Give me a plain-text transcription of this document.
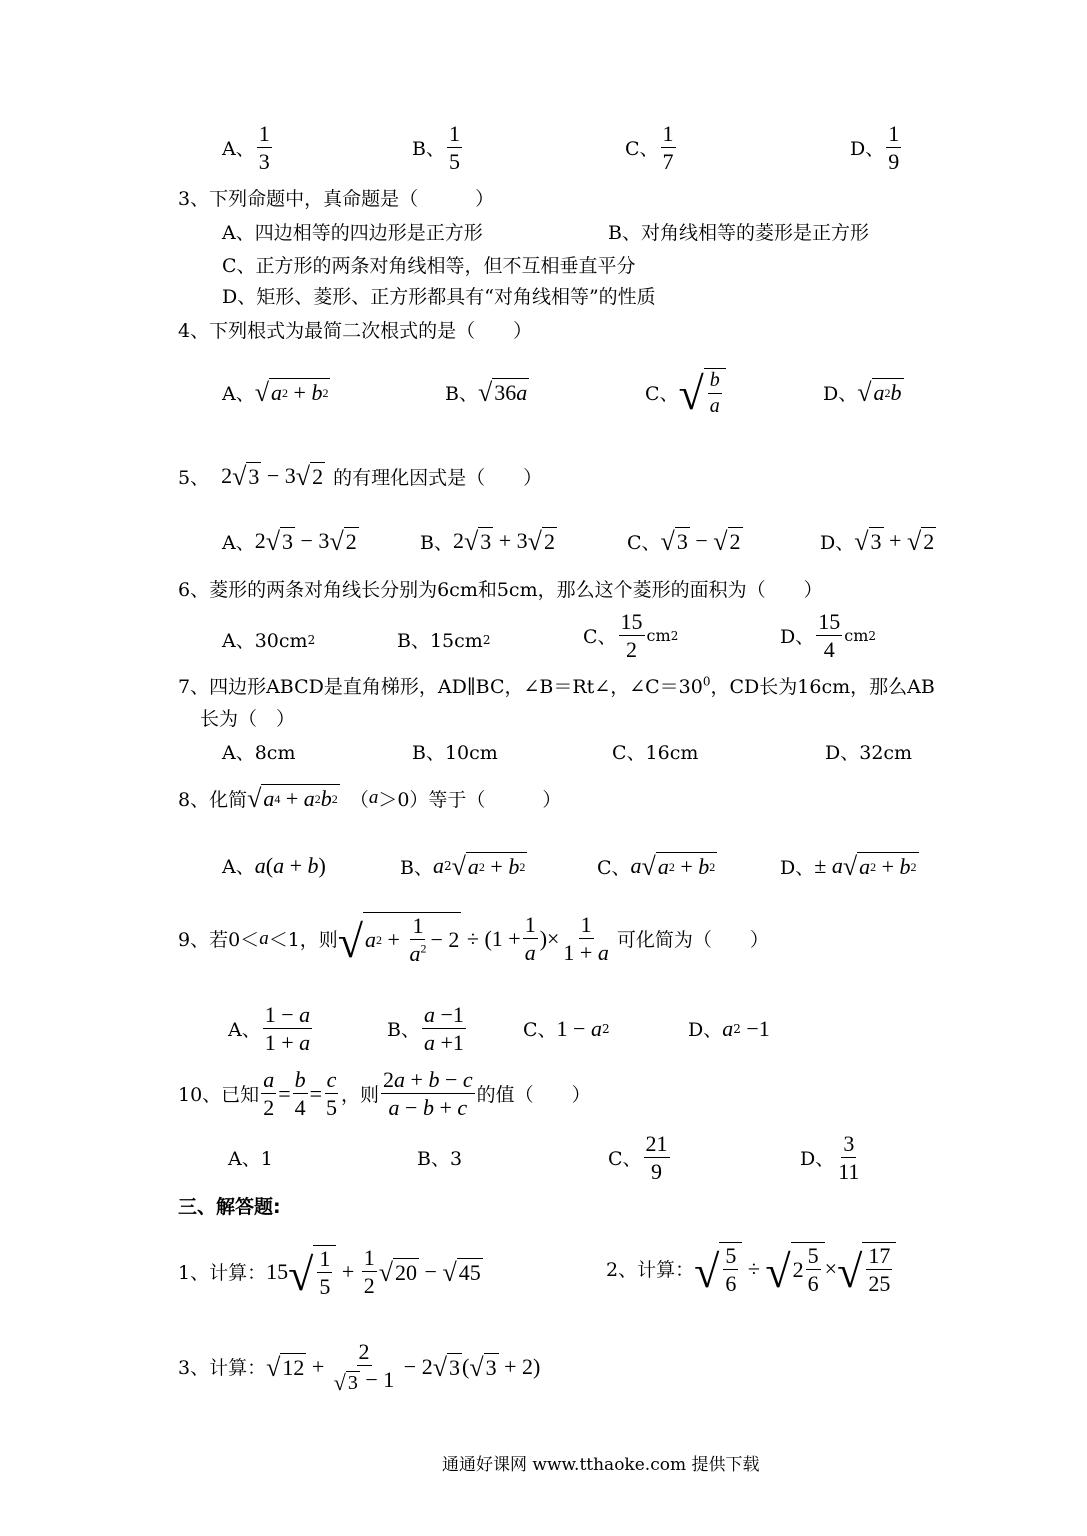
A、 $\frac{1}{3}$	B、 $\frac{1}{5}$	C、 $\frac{1}{7}$	D、 $\frac{1}{9}$
3、下列命题中，真命题是（　　　）
A、四边相等的四边形是正方形	B、对角线相等的菱形是正方形
C、正方形的两条对角线相等，但不互相垂直平分
D、矩形、菱形、正方形都具有“对角线相等”的性质
4、下列根式为最简二次根式的是（　　）
A、 √ a 2 + b 2	B、 √ 36 a	C、 √ $\frac{b}{a}$	D、 √ a 2 b
5、 2 √ 3 − 3 √ 2 的有理化因式是（　　）
A、 2 √ 3 − 3 √ 2	B、 2 √ 3 + 3 √ 2	C、 √ 3 − √ 2	D、 √ 3 + √ 2
6、菱形的两条对角线长分别为6cm和5cm，那么这个菱形的面积为（　　）
A、30cm 2	B、15cm 2	C、 $\frac{15}{2}$ cm 2	D、 $\frac{15}{4}$ cm 2
7、四边形ABCD是直角梯形，AD∥BC，∠B＝Rt∠，$\angle C=30^0$，CD长为16cm，那么AB
长为（　）
A、8cm	B、10cm	C、16cm	D、32cm
8、化简 √ a 4 + a 2 b 2 （ a ＞0）等于（　　　）
A、 a(a + b)	B、 a 2 √ a 2 + b 2	C、 a √ a 2 + b 2	D、 ± a √ a 2 + b 2
9、若0＜ a ＜1，则 √ a $2 + \frac{1}{a^2} - 2 \div (1 + \frac{1}{a}$ )× $\frac{1}{1 + a}$ 可化简为（　　）
A、 $\frac{1 - a}{1 + a}$	B、 $\frac{a -1}{a +1}$	C、 1 − a 2	D、 a 2 −1
10、已知 $\frac{a}{2} = \frac{b}{4} = \frac{c}{5}$ ，则 $\frac{2a + b - c}{a - b + c}$ 的值（　　）
A、1	B、3	C、 $\frac{21}{9}$	D、 $\frac{3}{11}$
三、解答题:
1、计算： 15 √ $\frac{1}{5} + \frac{1}{2}$ √ 20 − √ 45	2、计算： √ $\frac{5}{6}$ ÷ √ $2 \frac{5}{6}$ × √ $\frac{17}{25}$
3、计算： √ $12 + \frac{2}{√ 3 - 1} - 2$ √ 3 ( √ 3 + 2)
通通好课网 www.tthaoke.com 提供下载
